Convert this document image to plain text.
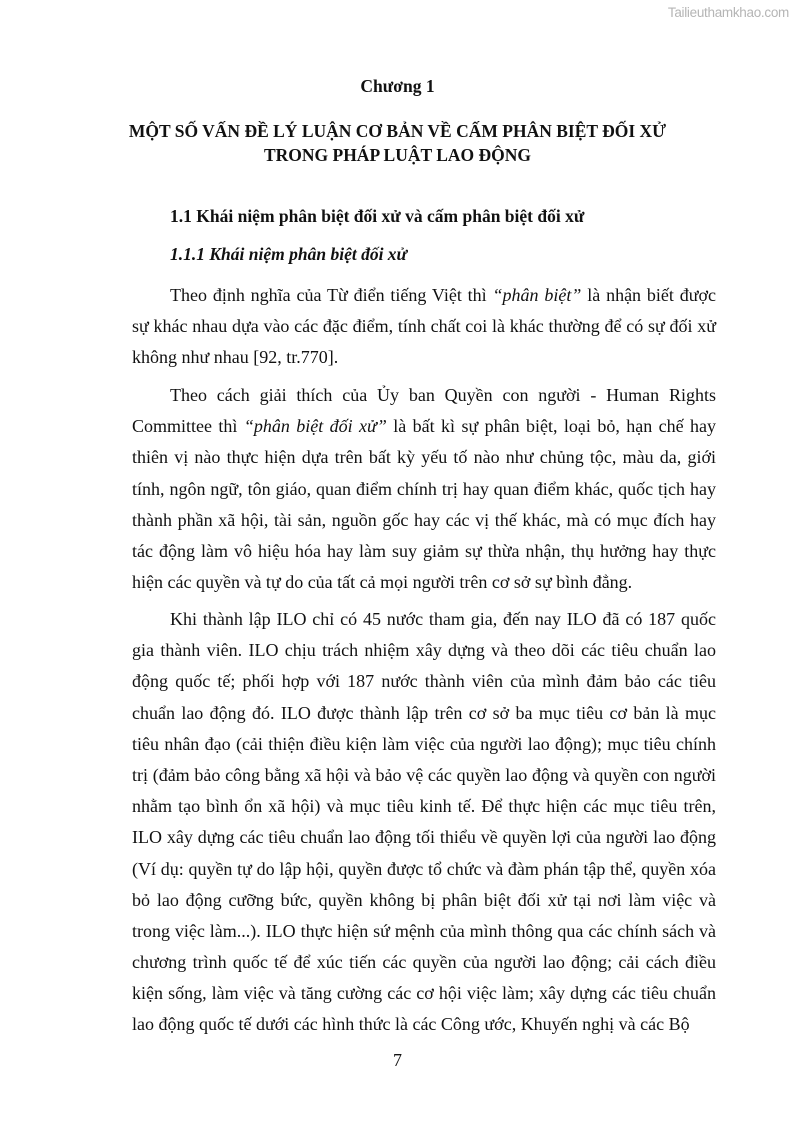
Tailieuthamkhao.com
Chương 1
MỘT SỐ VẤN ĐỀ LÝ LUẬN CƠ BẢN VỀ CẤM PHÂN BIỆT ĐỐI XỬ
TRONG PHÁP LUẬT LAO ĐỘNG
1.1 Khái niệm phân biệt đối xử và cấm phân biệt đối xử
1.1.1 Khái niệm phân biệt đối xử
Theo định nghĩa của Từ điển tiếng Việt thì “phân biệt” là nhận biết được
sự khác nhau dựa vào các đặc điểm, tính chất coi là khác thường để có sự đối xử
không như nhau [92, tr.770].
Theo cách giải thích của Ủy ban Quyền con người - Human Rights
Committee thì “phân biệt đối xử” là bất kì sự phân biệt, loại bỏ, hạn chế hay
thiên vị nào thực hiện dựa trên bất kỳ yếu tố nào như chủng tộc, màu da, giới
tính, ngôn ngữ, tôn giáo, quan điểm chính trị hay quan điểm khác, quốc tịch hay
thành phần xã hội, tài sản, nguồn gốc hay các vị thế khác, mà có mục đích hay
tác động làm vô hiệu hóa hay làm suy giảm sự thừa nhận, thụ hưởng hay thực
hiện các quyền và tự do của tất cả mọi người trên cơ sở sự bình đẳng.
Khi thành lập ILO chỉ có 45 nước tham gia, đến nay ILO đã có 187 quốc
gia thành viên. ILO chịu trách nhiệm xây dựng và theo dõi các tiêu chuẩn lao
động quốc tế; phối hợp với 187 nước thành viên của mình đảm bảo các tiêu
chuẩn lao động đó. ILO được thành lập trên cơ sở ba mục tiêu cơ bản là mục
tiêu nhân đạo (cải thiện điều kiện làm việc của người lao động); mục tiêu chính
trị (đảm bảo công bằng xã hội và bảo vệ các quyền lao động và quyền con người
nhằm tạo bình ổn xã hội) và mục tiêu kinh tế. Để thực hiện các mục tiêu trên,
ILO xây dựng các tiêu chuẩn lao động tối thiểu về quyền lợi của người lao động
(Ví dụ: quyền tự do lập hội, quyền được tổ chức và đàm phán tập thể, quyền xóa
bỏ lao động cưỡng bức, quyền không bị phân biệt đối xử tại nơi làm việc và
trong việc làm...). ILO thực hiện sứ mệnh của mình thông qua các chính sách và
chương trình quốc tế để xúc tiến các quyền của người lao động; cải cách điều
kiện sống, làm việc và tăng cường các cơ hội việc làm; xây dựng các tiêu chuẩn
lao động quốc tế dưới các hình thức là các Công ước, Khuyến nghị và các Bộ
7
